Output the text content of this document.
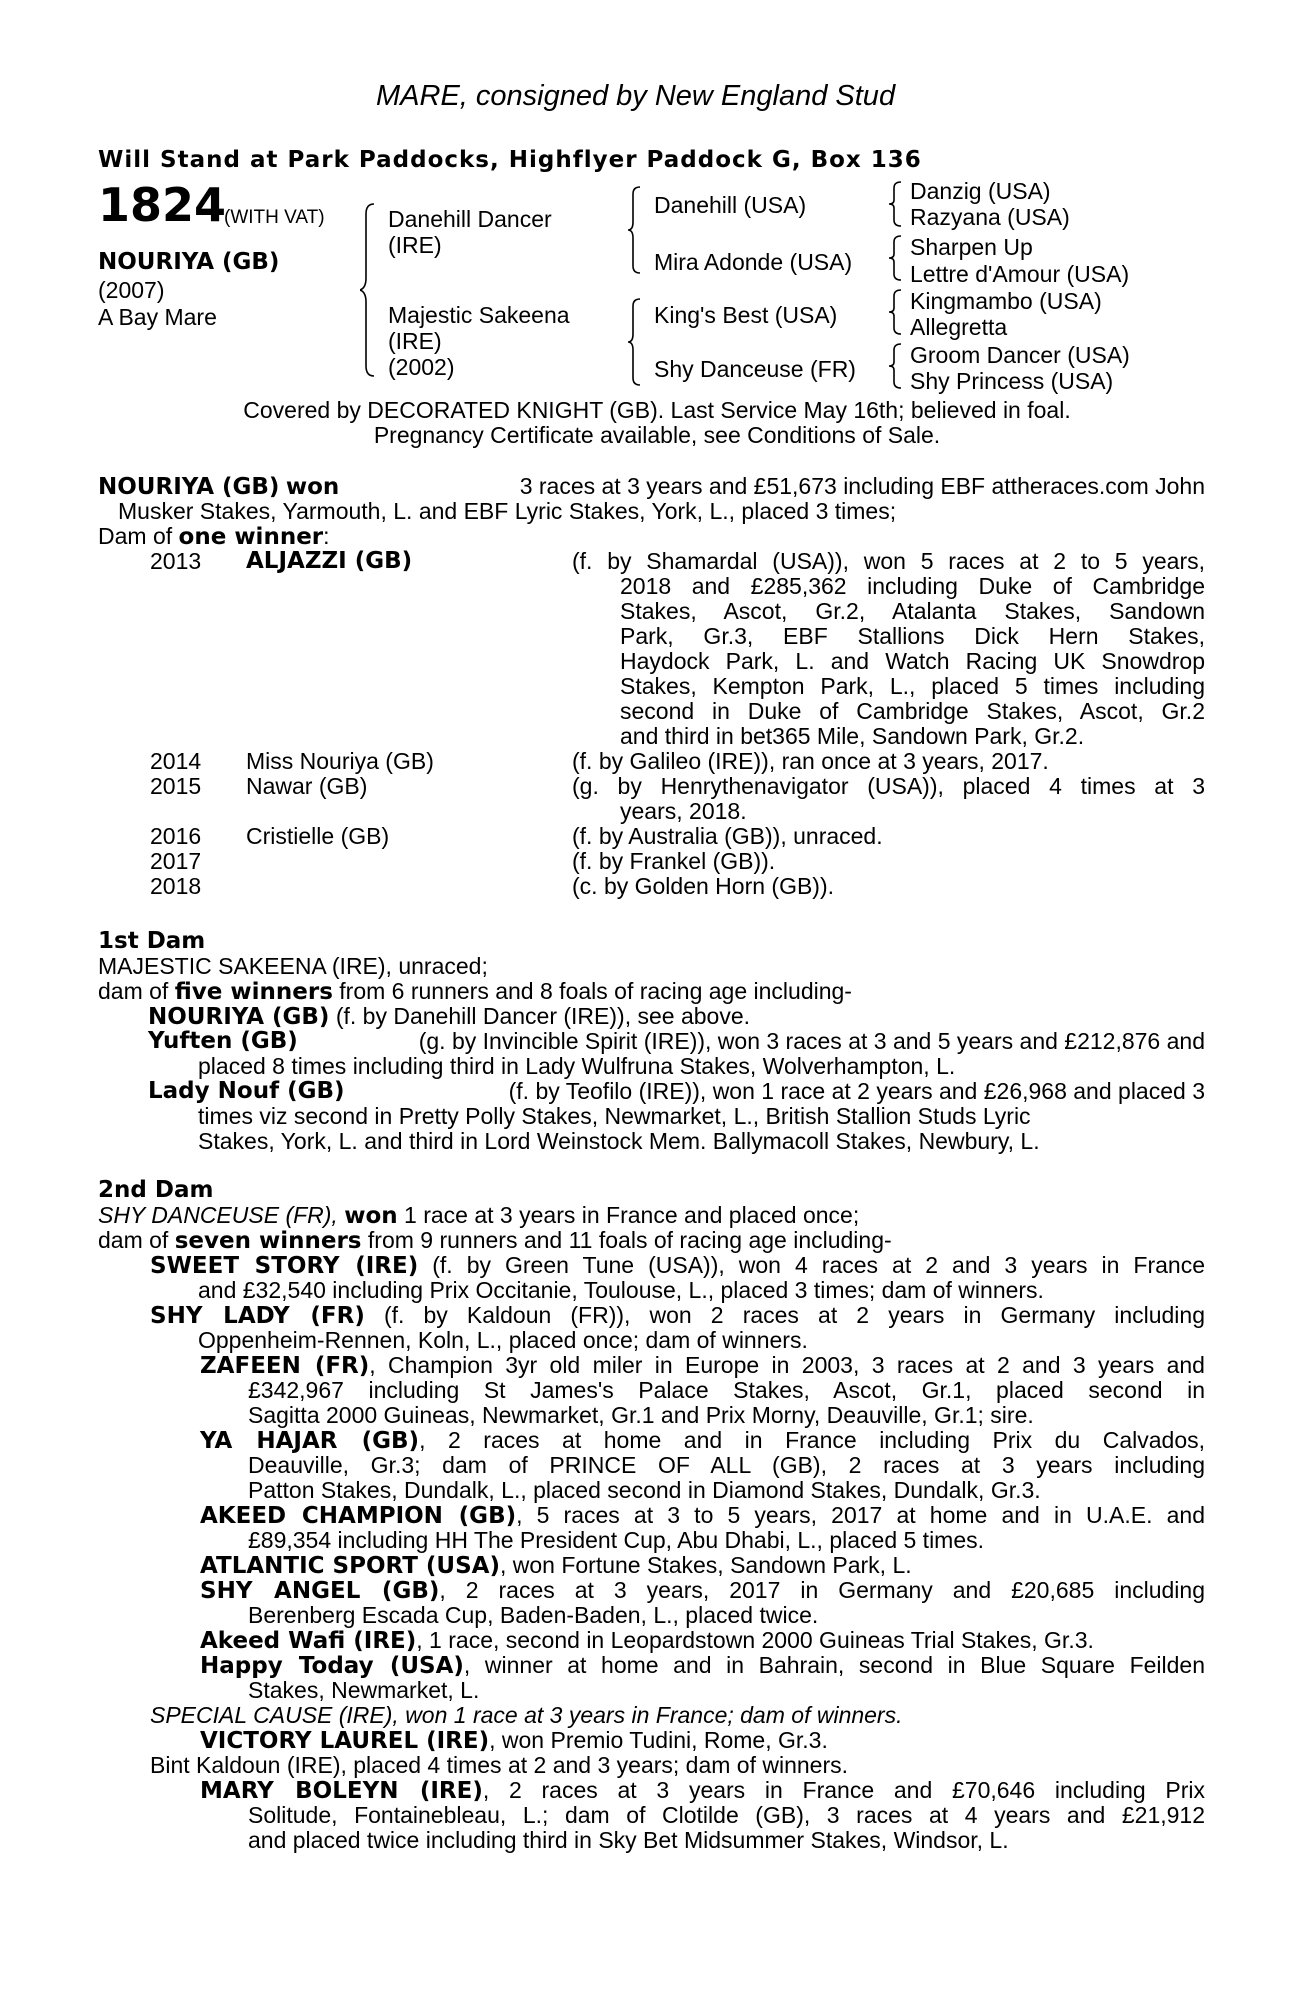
MARE, consigned by New England Stud
Will Stand at Park Paddocks, Highflyer Paddock G, Box 136
1824
(WITH VAT)
NOURIYA (GB)
(2007)
A Bay Mare
Danehill Dancer
(IRE)
Majestic Sakeena
(IRE)
(2002)
Danehill (USA)
Mira Adonde (USA)
King's Best (USA)
Shy Danceuse (FR)
Danzig (USA)
Razyana (USA)
Sharpen Up
Lettre d'Amour (USA)
Kingmambo (USA)
Allegretta
Groom Dancer (USA)
Shy Princess (USA)
Covered by DECORATED KNIGHT (GB). Last Service May 16th; believed in foal.
Pregnancy Certificate available, see Conditions of Sale.
NOURIYA (GB) won	3 races at 3 years and £51,673 including EBF attheraces.com John
Musker Stakes, Yarmouth, L. and EBF Lyric Stakes, York, L., placed 3 times;
Dam of one winner:
2013 ALJAZZI (GB)	(f. by Shamardal (USA)), won 5 races at 2 to 5 years,
2018 and £285,362 including Duke of Cambridge
Stakes, Ascot, Gr.2, Atalanta Stakes, Sandown
Park, Gr.3, EBF Stallions Dick Hern Stakes,
Haydock Park, L. and Watch Racing UK Snowdrop
Stakes, Kempton Park, L., placed 5 times including
second in Duke of Cambridge Stakes, Ascot, Gr.2
and third in bet365 Mile, Sandown Park, Gr.2.
2014 Miss Nouriya (GB)	(f. by Galileo (IRE)), ran once at 3 years, 2017.
2015 Nawar (GB)	(g. by Henrythenavigator (USA)), placed 4 times at 3
years, 2018.
2016 Cristielle (GB)	(f. by Australia (GB)), unraced.
2017	(f. by Frankel (GB)).
2018	(c. by Golden Horn (GB)).
1st Dam
MAJESTIC SAKEENA (IRE), unraced;
dam of five winners from 6 runners and 8 foals of racing age including-
NOURIYA (GB) (f. by Danehill Dancer (IRE)), see above.
Yuften (GB)	(g. by Invincible Spirit (IRE)), won 3 races at 3 and 5 years and £212,876 and
placed 8 times including third in Lady Wulfruna Stakes, Wolverhampton, L.
Lady Nouf (GB)	(f. by Teofilo (IRE)), won 1 race at 2 years and £26,968 and placed 3
times viz second in Pretty Polly Stakes, Newmarket, L., British Stallion Studs Lyric
Stakes, York, L. and third in Lord Weinstock Mem. Ballymacoll Stakes, Newbury, L.
2nd Dam
SHY DANCEUSE (FR), won 1 race at 3 years in France and placed once;
dam of seven winners from 9 runners and 11 foals of racing age including-
SWEET STORY (IRE) (f. by Green Tune (USA)), won 4 races at 2 and 3 years in France
and £32,540 including Prix Occitanie, Toulouse, L., placed 3 times; dam of winners.
SHY LADY (FR) (f. by Kaldoun (FR)), won 2 races at 2 years in Germany including
Oppenheim-Rennen, Koln, L., placed once; dam of winners.
ZAFEEN (FR), Champion 3yr old miler in Europe in 2003, 3 races at 2 and 3 years and
£342,967 including St James's Palace Stakes, Ascot, Gr.1, placed second in
Sagitta 2000 Guineas, Newmarket, Gr.1 and Prix Morny, Deauville, Gr.1; sire.
YA HAJAR (GB), 2 races at home and in France including Prix du Calvados,
Deauville, Gr.3; dam of PRINCE OF ALL (GB), 2 races at 3 years including
Patton Stakes, Dundalk, L., placed second in Diamond Stakes, Dundalk, Gr.3.
AKEED CHAMPION (GB), 5 races at 3 to 5 years, 2017 at home and in U.A.E. and
£89,354 including HH The President Cup, Abu Dhabi, L., placed 5 times.
ATLANTIC SPORT (USA), won Fortune Stakes, Sandown Park, L.
SHY ANGEL (GB), 2 races at 3 years, 2017 in Germany and £20,685 including
Berenberg Escada Cup, Baden-Baden, L., placed twice.
Akeed Wafi (IRE), 1 race, second in Leopardstown 2000 Guineas Trial Stakes, Gr.3.
Happy Today (USA), winner at home and in Bahrain, second in Blue Square Feilden
Stakes, Newmarket, L.
SPECIAL CAUSE (IRE), won 1 race at 3 years in France; dam of winners.
VICTORY LAUREL (IRE), won Premio Tudini, Rome, Gr.3.
Bint Kaldoun (IRE), placed 4 times at 2 and 3 years; dam of winners.
MARY BOLEYN (IRE), 2 races at 3 years in France and £70,646 including Prix
Solitude, Fontainebleau, L.; dam of Clotilde (GB), 3 races at 4 years and £21,912
and placed twice including third in Sky Bet Midsummer Stakes, Windsor, L.
